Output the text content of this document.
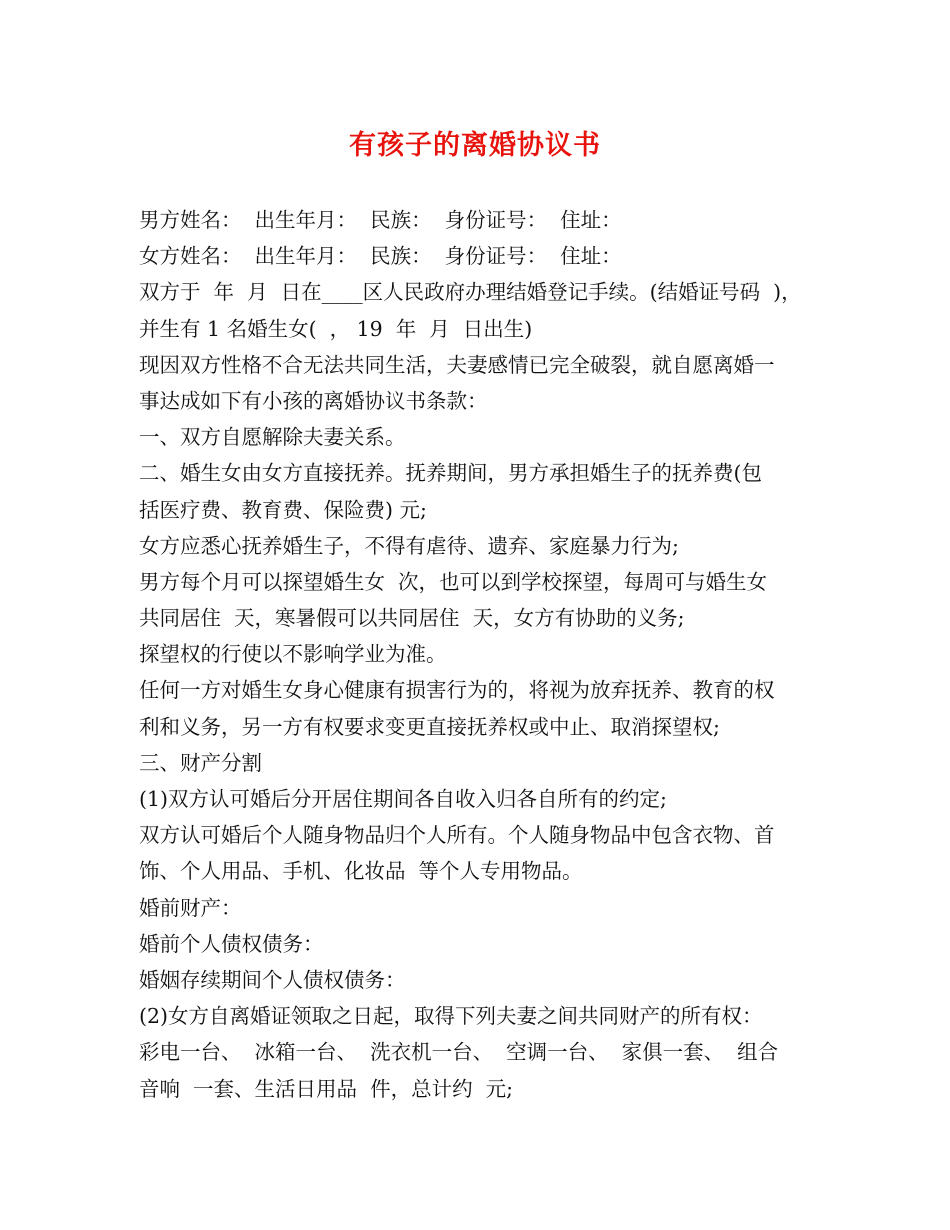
有孩子的离婚协议书
男方姓名：  出生年月：  民族：  身份证号：  住址：
女方姓名：  出生年月：  民族：  身份证号：  住址：
双方于  年  月  日在____区人民政府办理结婚登记手续。(结婚证号码  )，
并生有 1 名婚生女(  ， 19  年  月  日出生)
现因双方性格不合无法共同生活，夫妻感情已完全破裂，就自愿离婚一
事达成如下有小孩的离婚协议书条款：
一、双方自愿解除夫妻关系。
二、婚生女由女方直接抚养。抚养期间，男方承担婚生子的抚养费(包
括医疗费、教育费、保险费) 元;
女方应悉心抚养婚生子，不得有虐待、遗弃、家庭暴力行为;
男方每个月可以探望婚生女  次，也可以到学校探望，每周可与婚生女
共同居住  天，寒暑假可以共同居住  天，女方有协助的义务;
探望权的行使以不影响学业为准。
任何一方对婚生女身心健康有损害行为的，将视为放弃抚养、教育的权
利和义务，另一方有权要求变更直接抚养权或中止、取消探望权;
三、财产分割
(1)双方认可婚后分开居住期间各自收入归各自所有的约定;
双方认可婚后个人随身物品归个人所有。个人随身物品中包含衣物、首
饰、个人用品、手机、化妆品  等个人专用物品。
婚前财产：
婚前个人债权债务：
婚姻存续期间个人债权债务：
(2)女方自离婚证领取之日起，取得下列夫妻之间共同财产的所有权：
彩电一台、  冰箱一台、  洗衣机一台、  空调一台、  家俱一套、  组合
音响  一套、生活日用品  件，总计约  元;
